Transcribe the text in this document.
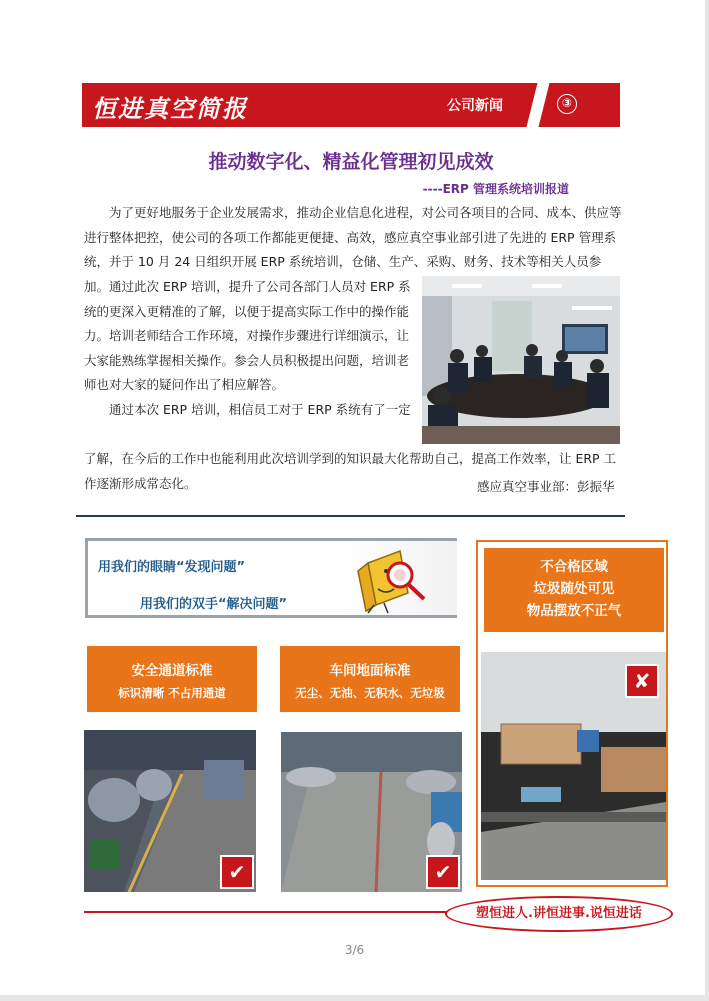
恒进真空简报	公司新闻	③
推动数字化、精益化管理初见成效
----ERP 管理系统培训报道
为了更好地服务于企业发展需求，推动企业信息化进程，对公司各项目的合同、成本、供应等进行整体把控，使公司的各项工作都能更便捷、高效，感应真空事业部引进了先进的 ERP 管理系统，并于 10 月 24 日组织开展 ERP 系统培训，仓储、生产、采购、财务、技术等相关人员参加。 通过此次 ERP 培训，提升了公司各部门人员对 ERP 系统的更深入更精准的了解，以便于提高实际工作中的操作能力。培训老师结合工作环境，对操作步骤进行详细演示，让大家能熟练掌握相关操作。参会人员积极提出问题，培训老师也对大家的疑问作出了相应解答。
通过本次 ERP 培训，相信员工对于 ERP 系统有了一定
了解，在今后的工作中也能利用此次培训学到的知识最大化帮助自己，提高工作效率，让 ERP 工作逐渐形成常态化。	感应真空事业部：彭振华
用我们的眼睛“发现问题”
用我们的双手“解决问题”
安全通道标准
标识清晰 不占用通道
车间地面标准
无尘、无油、无积水、无垃圾
不合格区域
垃圾随处可见
物品摆放不正气
✔	✔
✘
塑恒进人.讲恒进事.说恒进话
3/6
